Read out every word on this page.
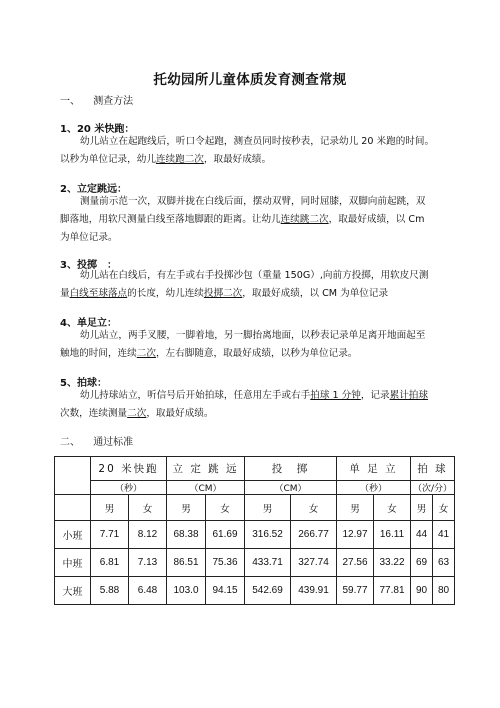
托幼园所儿童体质发育测查常规
一、 测查方法
1、20 米快跑：
幼儿站立在起跑线后，听口令起跑，测查员同时按秒表，记录幼儿 20 米跑的时间。
以秒为单位记录，幼儿连续跑二次，取最好成绩。
2、立定跳远：
测量前示范一次，双脚并拢在白线后面，摆动双臂，同时屈膝，双脚向前起跳，双
脚落地，用软尺测量白线至落地脚跟的距离。让幼儿连续跳二次，取最好成绩，以 Cm
为单位记录。
3、投掷　：
幼儿站在白线后，有左手或右手投掷沙包（重量 150G）,向前方投掷，用软皮尺测
量白线至球落点的长度，幼儿连续投掷二次，取最好成绩，以 CM 为单位记录
4、单足立：
幼儿站立，两手叉腰，一脚着地，另一脚抬离地面，以秒表记录单足离开地面起至
触地的时间，连续二次，左右脚随意，取最好成绩，以秒为单位记录。
5、拍球：
幼儿持球站立，听信号后开始拍球，任意用左手或右手拍球 1 分钟，记录累计拍球
次数，连续测量二次，取最好成绩。
二、 通过标准
	20 米快跑		立 定 跳 远		投　掷		单 足 立		拍 球	
	（秒）		（CM）		（CM）		（秒）		（次/分）	
	男	女	男	女	男	女	男	女	男	女
小班	7.71	8.12	68.38	61.69	316.52	266.77	12.97	16.11	44	41
中班	6.81	7.13	86.51	75.36	433.71	327.74	27.56	33.22	69	63
大班	5.88	6.48	103.0	94.15	542.69	439.91	59.77	77.81	90	80
